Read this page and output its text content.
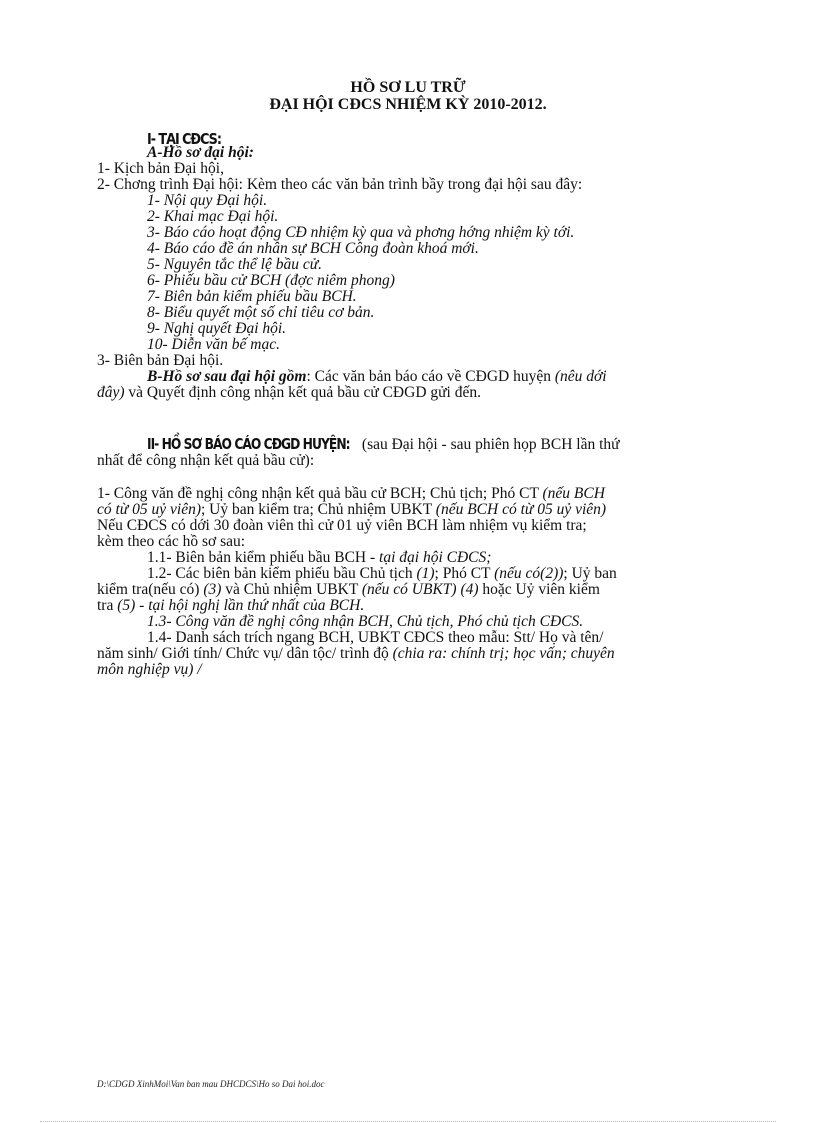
HỒ SƠ LU TRỮ
ĐẠI HỘI CĐCS NHIỆM KỲ 2010-2012.
I- TẠI CĐCS:
A-Hồ sơ đại hội:
1- Kịch bản Đại hội,
2- Chơng trình Đại hội: Kèm theo các văn bản trình bầy trong đại hội sau đây:
1- Nội quy Đại hội.
2- Khai mạc Đại hội.
3- Báo cáo hoạt động CĐ nhiệm kỳ qua và phơng hớng nhiệm kỳ tới.
4- Báo cáo đề án nhân sự BCH Công đoàn khoá mới.
5- Nguyên tắc thể lệ bầu cử.
6- Phiếu bầu cử BCH (đợc niêm phong)
7- Biên bản kiểm phiếu bầu BCH.
8- Biểu quyết một số chỉ tiêu cơ bản.
9- Nghị quyết Đại hội.
10- Diễn văn bế mạc.
3- Biên bản Đại hội.
B-Hồ sơ sau đại hội gồm: Các văn bản báo cáo về CĐGD huyện (nêu dới
đây) và Quyết định công nhận kết quả bầu cử CĐGD gửi đến.
II- HỒ SƠ BÁO CÁO CĐGD HUYỆN: (sau Đại hội - sau phiên họp BCH lần thứ
nhất để công nhận kết quả bầu cử):
1- Công văn đề nghị công nhận kết quả bầu cử BCH; Chủ tịch; Phó CT (nếu BCH
có từ 05 uỷ viên); Uỷ ban kiểm tra; Chủ nhiệm UBKT (nếu BCH có từ 05 uỷ viên)
Nếu CĐCS có dới 30 đoàn viên thì cử 01 uỷ viên BCH làm nhiệm vụ kiểm tra;
kèm theo các hồ sơ sau:
1.1- Biên bản kiểm phiếu bầu BCH - tại đại hội CĐCS;
1.2- Các biên bản kiểm phiếu bầu Chủ tịch (1); Phó CT (nếu có(2)); Uỷ ban
kiểm tra(nếu có) (3) và Chủ nhiệm UBKT (nếu có UBKT) (4) hoặc Uỷ viên kiểm
tra (5) - tại hội nghị lần thứ nhất của BCH.
1.3- Công văn đề nghị công nhận BCH, Chủ tịch, Phó chủ tịch CĐCS.
1.4- Danh sách trích ngang BCH, UBKT CĐCS theo mẫu: Stt/ Họ và tên/
năm sinh/ Giới tính/ Chức vụ/ dân tộc/ trình độ (chia ra: chính trị; học vấn; chuyên
môn nghiệp vụ) /
D:\CDGD XinhMoi\Van ban mau DHCDCS\Ho so Dai hoi.doc
